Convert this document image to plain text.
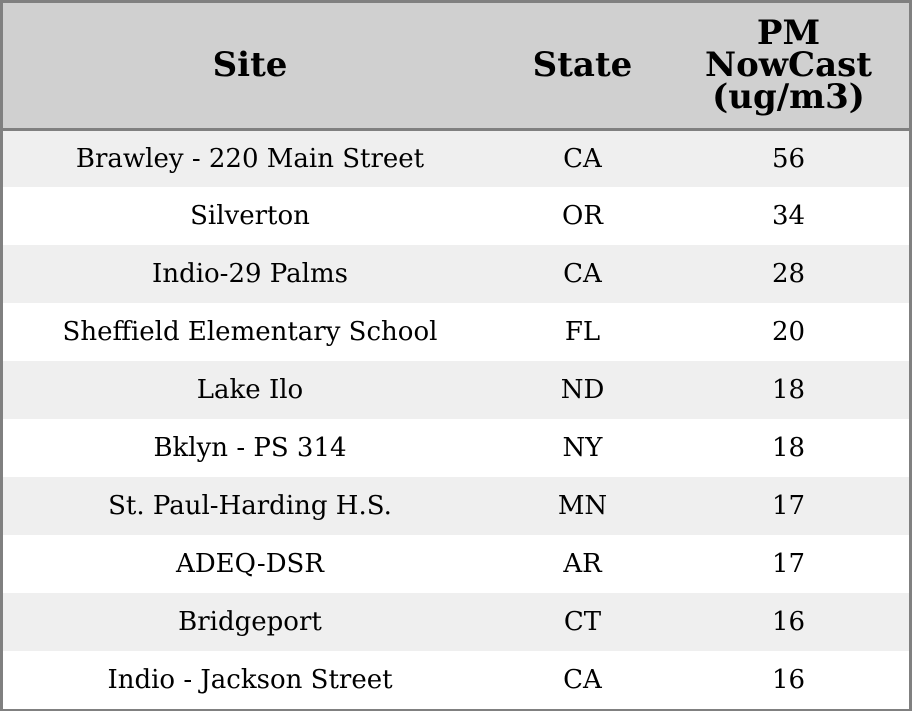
Site	State	PM
NowCast
(ug/m3)

Brawley - 220 Main Street	CA	56
Silverton	OR	34
Indio-29 Palms	CA	28
Sheffield Elementary School	FL	20
Lake Ilo	ND	18
Bklyn - PS 314	NY	18
St. Paul-Harding H.S.	MN	17
ADEQ-DSR	AR	17
Bridgeport	CT	16
Indio - Jackson Street	CA	16
